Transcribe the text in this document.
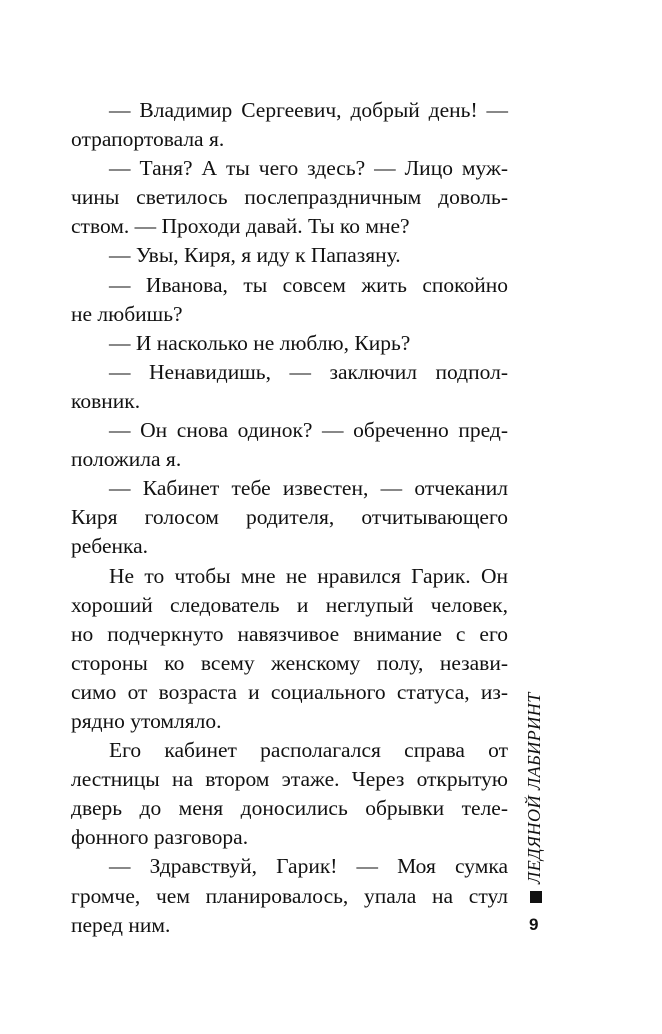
— Владимир Сергеевич, добрый день! —
отрапортовала я.
— Таня? А ты чего здесь? — Лицо муж-
чины светилось послепраздничным доволь-
ством. — Проходи давай. Ты ко мне?
— Увы, Киря, я иду к Папазяну.
— Иванова, ты совсем жить спокойно
не любишь?
— И насколько не люблю, Кирь?
— Ненавидишь, — заключил подпол-
ковник.
— Он снова одинок? — обреченно пред-
положила я.
— Кабинет тебе известен, — отчеканил
Киря голосом родителя, отчитывающего
ребенка.
Не то чтобы мне не нравился Гарик. Он
хороший следователь и неглупый человек,
но подчеркнуто навязчивое внимание с его
стороны ко всему женскому полу, незави-
симо от возраста и социального статуса, из-
рядно утомляло.
Его кабинет располагался справа от
лестницы на втором этаже. Через открытую
дверь до меня доносились обрывки теле-
фонного разговора.
— Здравствуй, Гарик! — Моя сумка
громче, чем планировалось, упала на стул
перед ним.
ЛЕДЯНОЙ ЛАБИРИНТ
9
